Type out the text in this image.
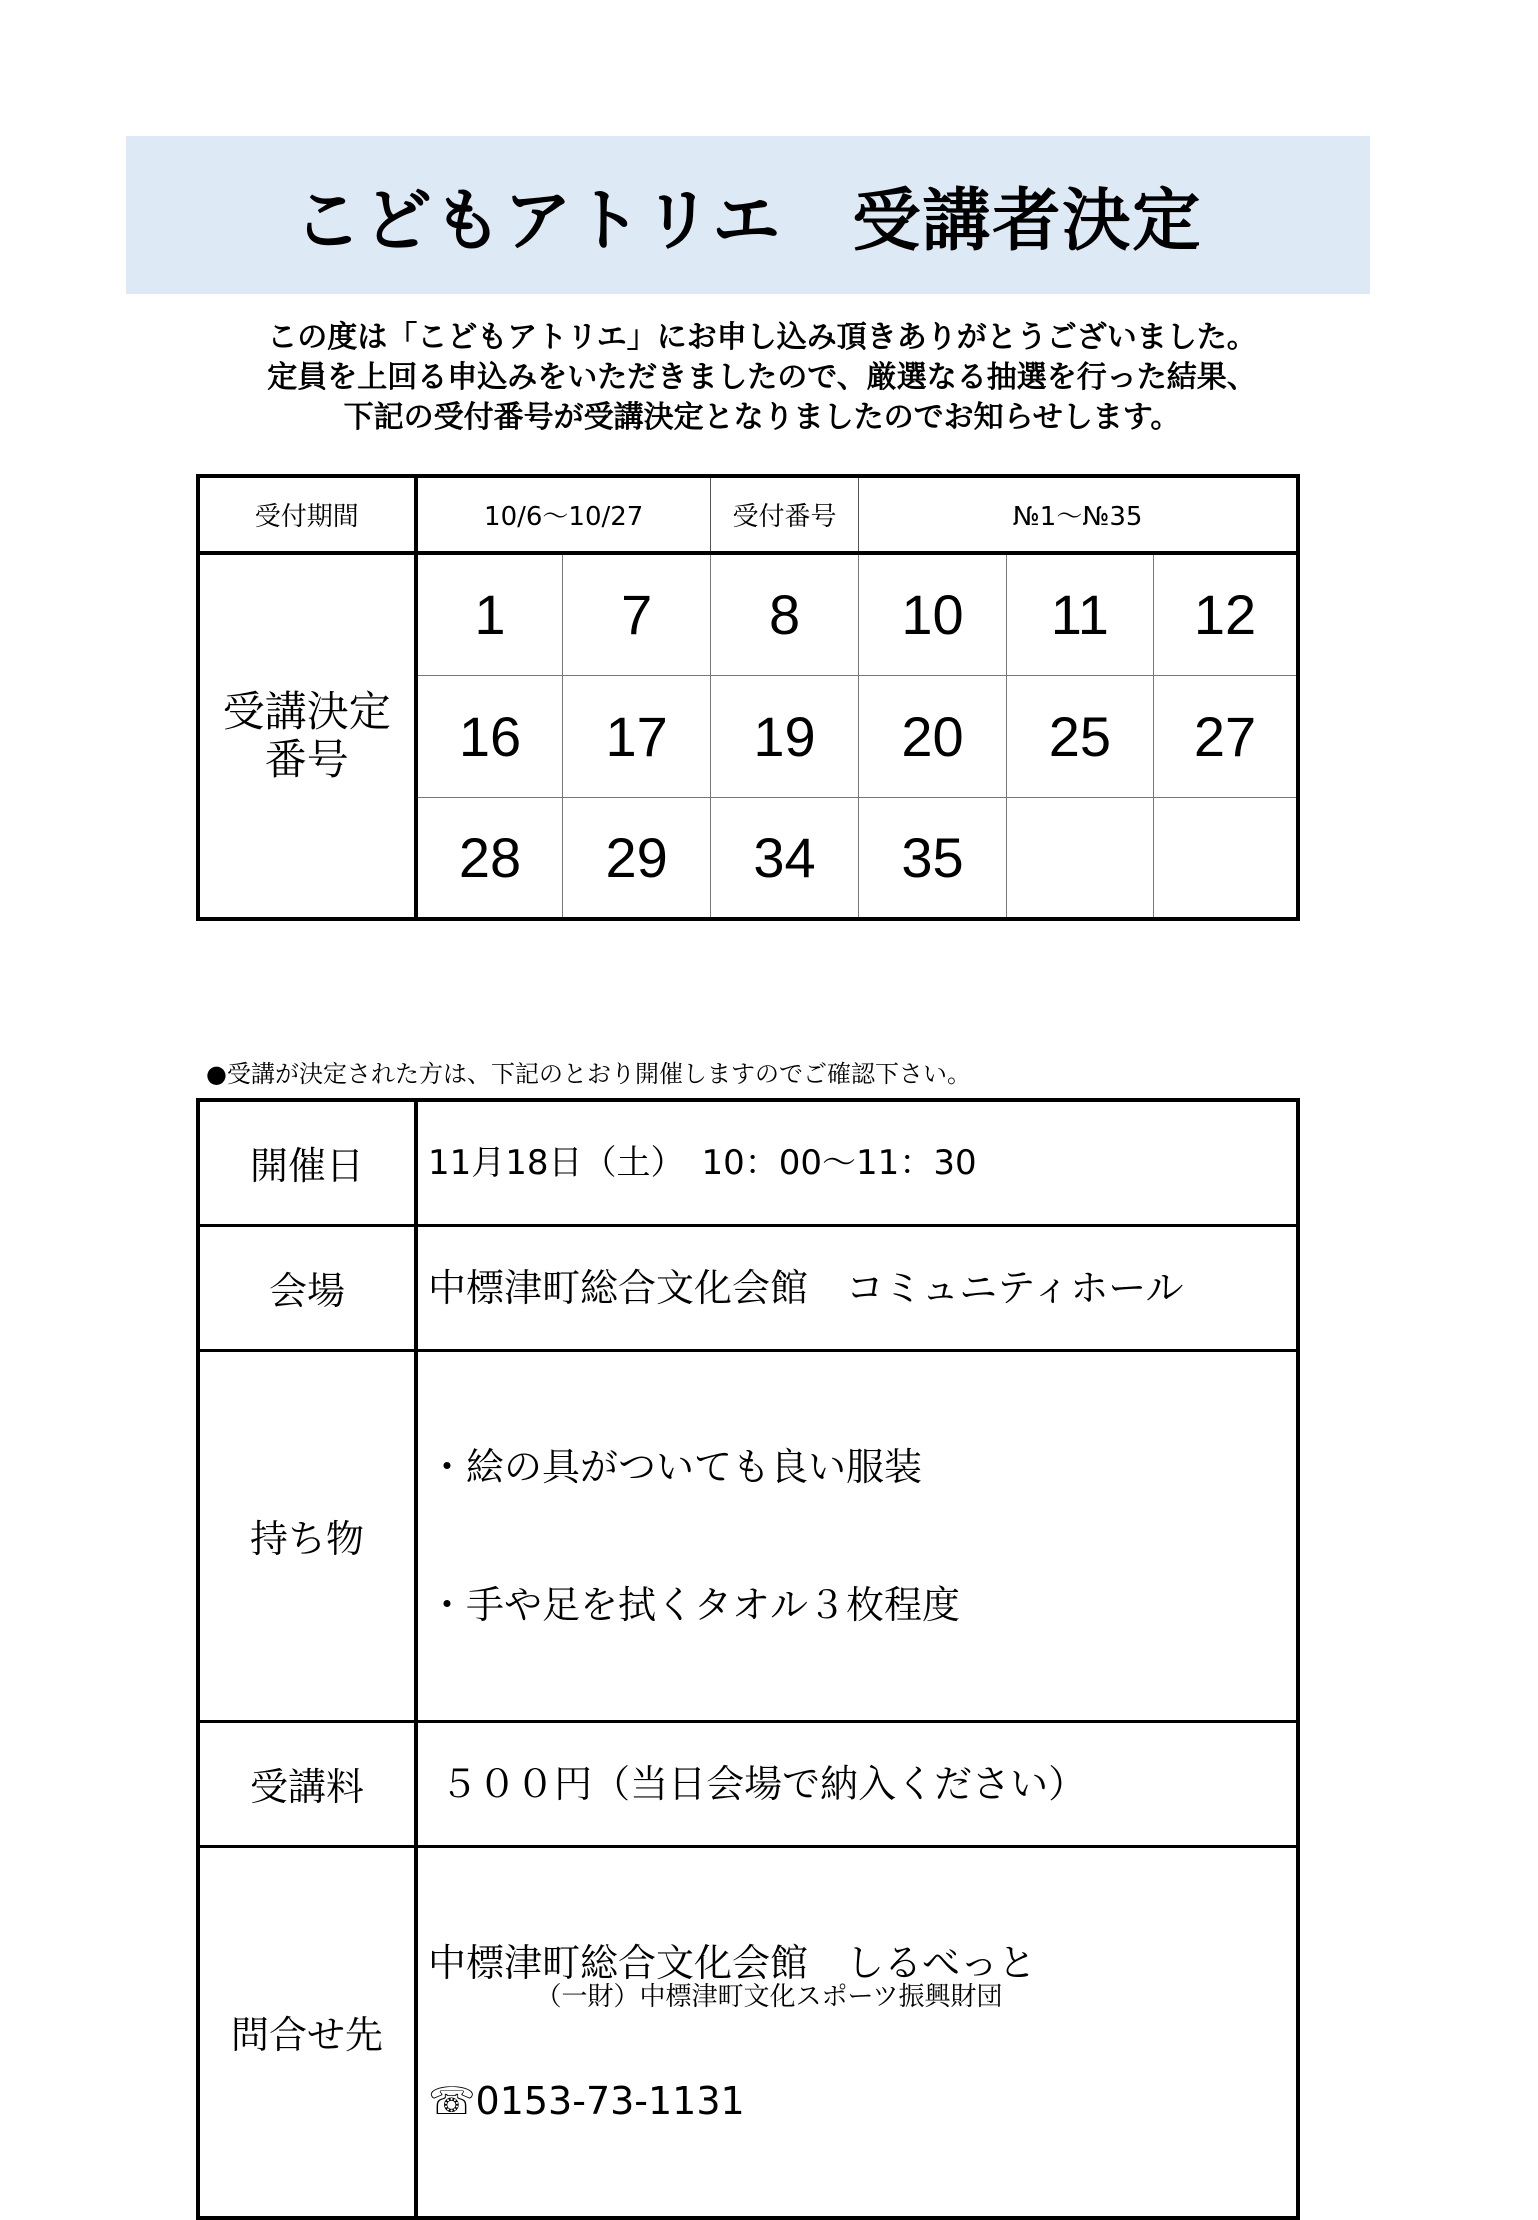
こどもアトリエ　受講者決定
この度は「こどもアトリエ」にお申し込み頂きありがとうございました。
定員を上回る申込みをいただきましたので、厳選なる抽選を行った結果、
下記の受付番号が受講決定となりましたのでお知らせします。
受付期間	10/6～10/27		受付番号	№1～№35		

受講決定
番号	1	7	8	10	11	12
	16	17	19	20	25	27
	28	29	34	35		
●受講が決定された方は、下記のとおり開催しますのでご確認下さい。
開催日	11月18日（土）　10：00～11：30
会場	中標津町総合文化会館　コミュニティホール
持ち物	・絵の具がついても良い服装

・手や足を拭くタオル３枚程度

受講料	５００円（当日会場で納入ください）
問合せ先	中標津町総合文化会館　しるべっと

☏0153-73-1131

（一財）中標津町文化スポーツ振興財団
